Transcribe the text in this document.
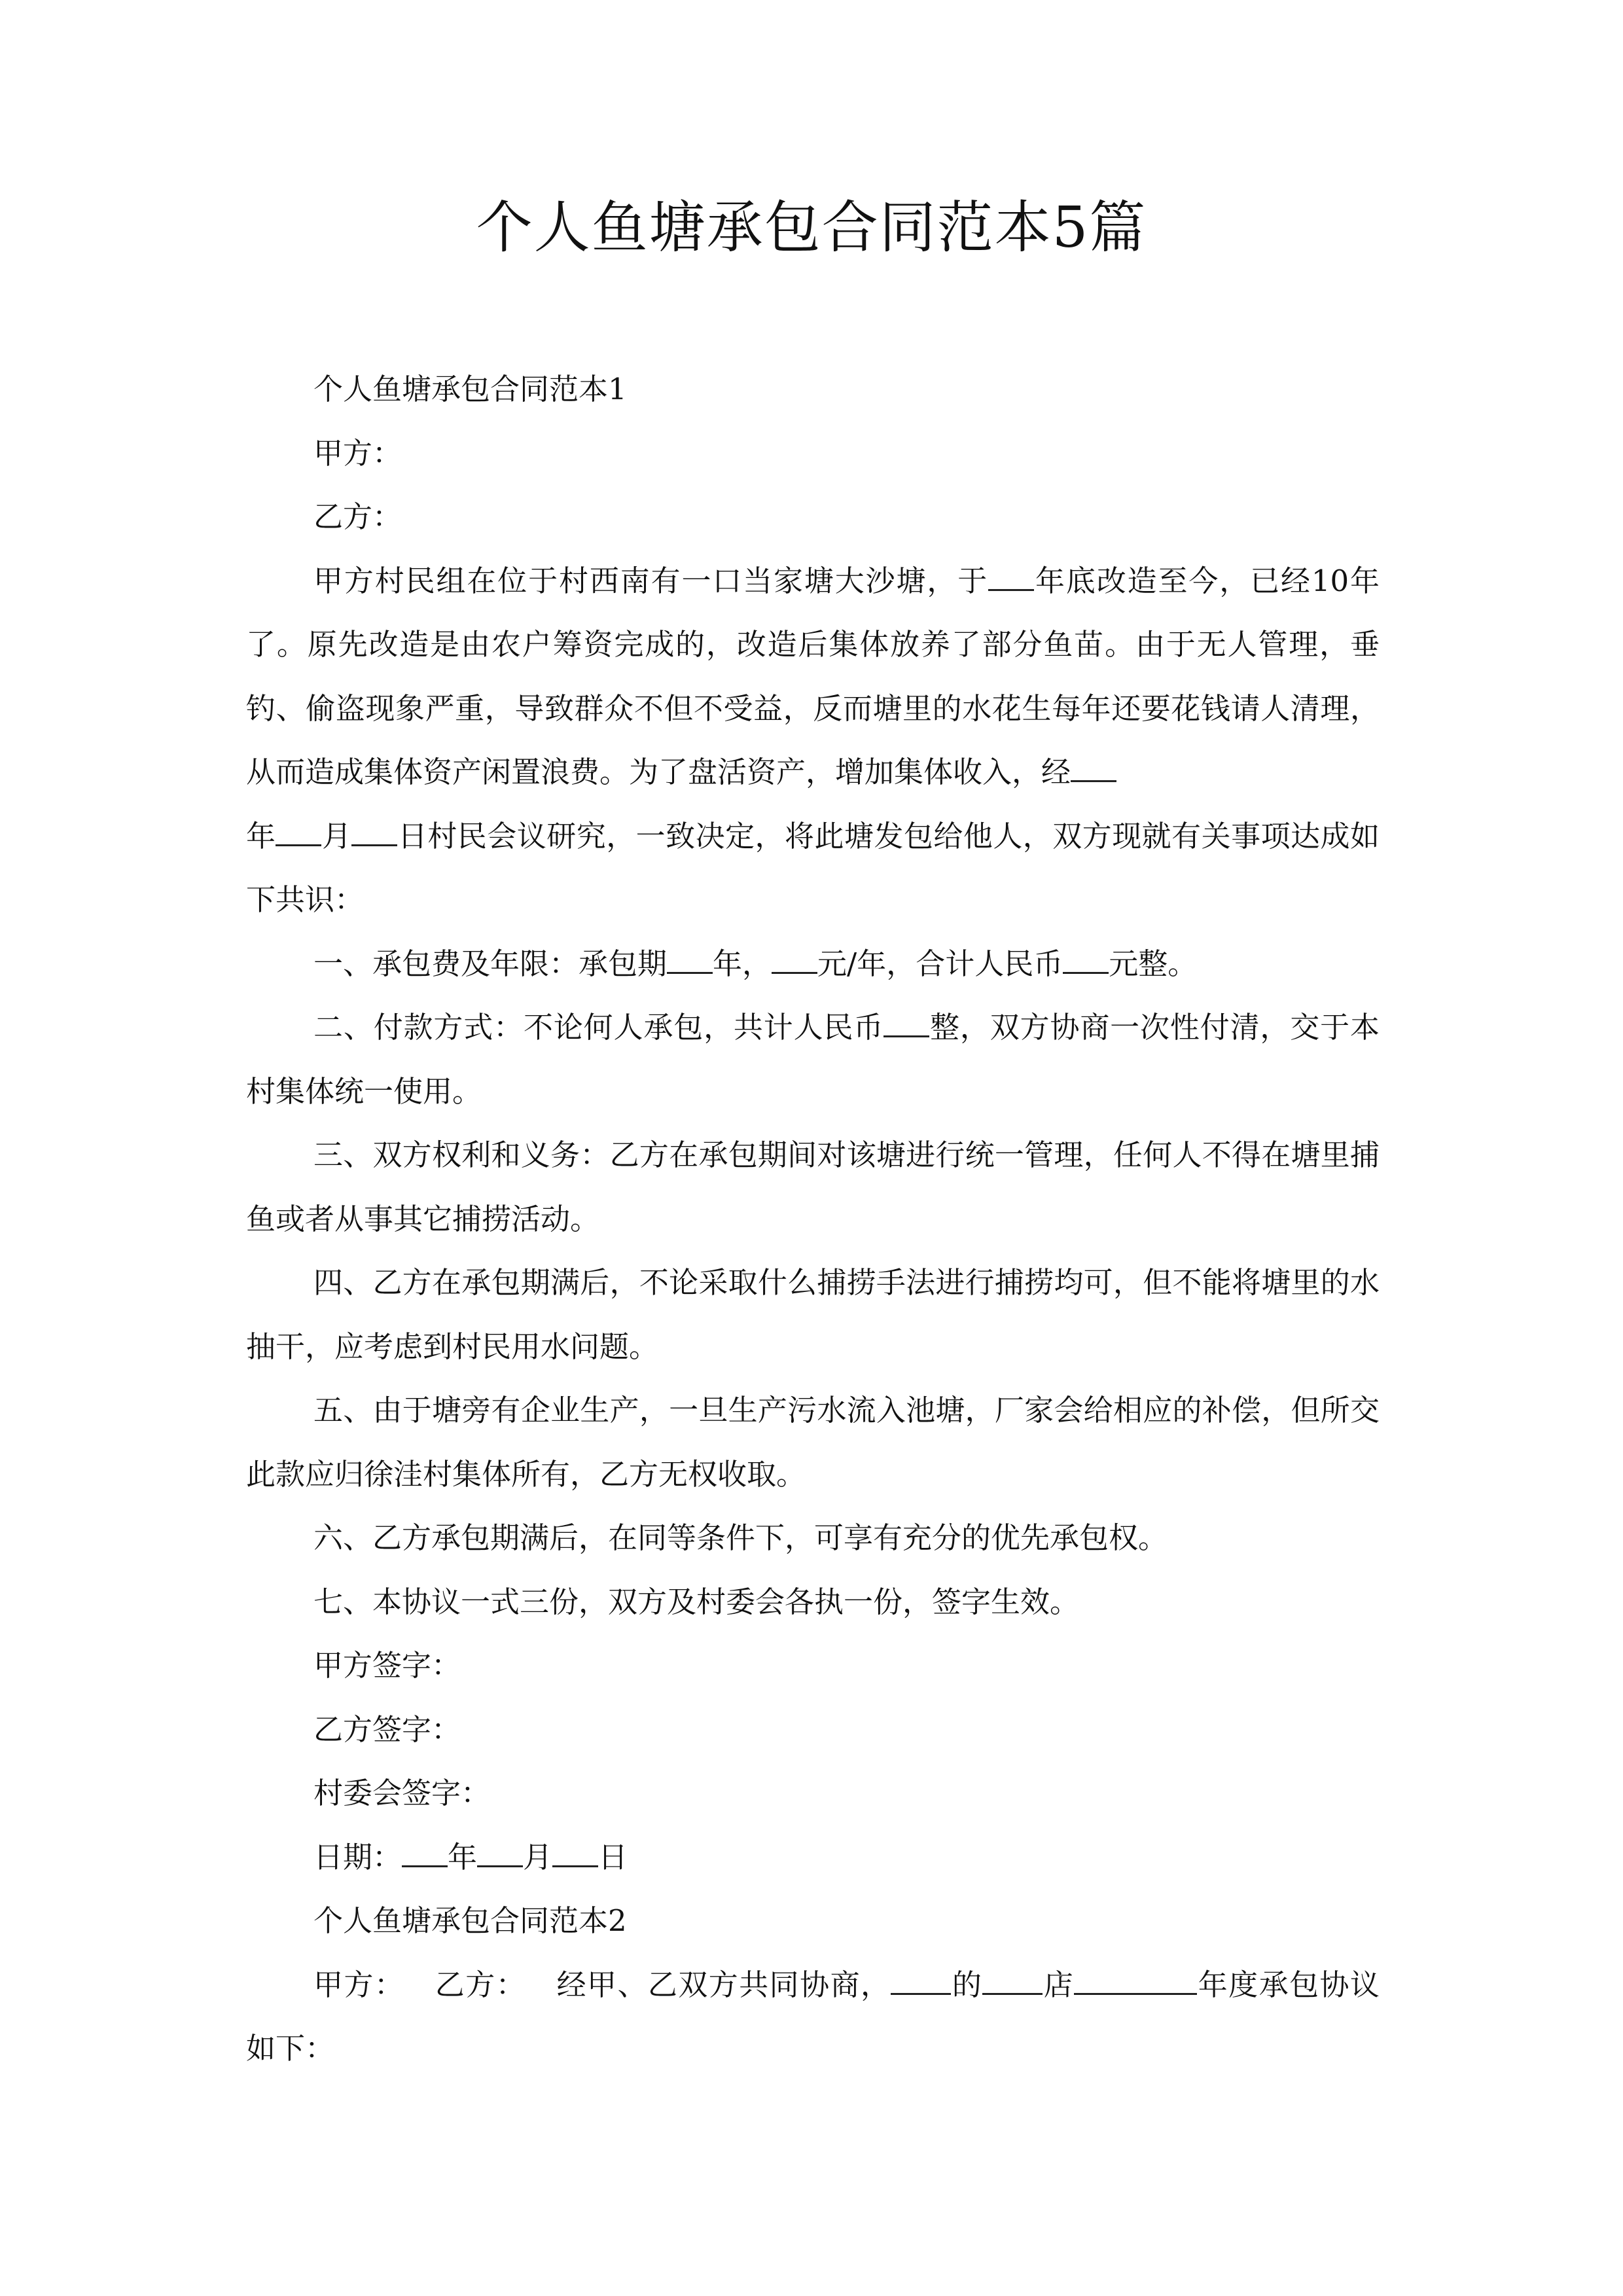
个人鱼塘承包合同范本5篇

个人鱼塘承包合同范本1

甲方：

乙方：

甲方村民组在位于村西南有一口当家塘大沙塘，于 年底改造至今，已经10年了。原先改造是由农户筹资完成的，改造后集体放养了部分鱼苗。由于无人管理，垂钓、偷盗现象严重，导致群众不但不受益，反而塘里的水花生每年还要花钱请人清理，从而造成集体资产闲置浪费。为了盘活资产，增加集体收入，经
年 月 日村民会议研究，一致决定，将此塘发包给他人，双方现就有关事项达成如下共识：

一、承包费及年限：承包期 年， 元/年，合计人民币 元整。

二、付款方式：不论何人承包，共计人民币 整，双方协商一次性付清，交于本村集体统一使用。

三、双方权利和义务：乙方在承包期间对该塘进行统一管理，任何人不得在塘里捕鱼或者从事其它捕捞活动。

四、乙方在承包期满后，不论采取什么捕捞手法进行捕捞均可，但不能将塘里的水抽干，应考虑到村民用水问题。

五、由于塘旁有企业生产，一旦生产污水流入池塘，厂家会给相应的补偿，但所交此款应归徐洼村集体所有，乙方无权收取。

六、乙方承包期满后，在同等条件下，可享有充分的优先承包权。

七、本协议一式三份，双方及村委会各执一份，签字生效。

甲方签字：

乙方签字：

村委会签字：

日期： 年 月 日

个人鱼塘承包合同范本2

甲方： 乙方： 经甲、乙双方共同协商， 的 店	年度承包协议如下：
